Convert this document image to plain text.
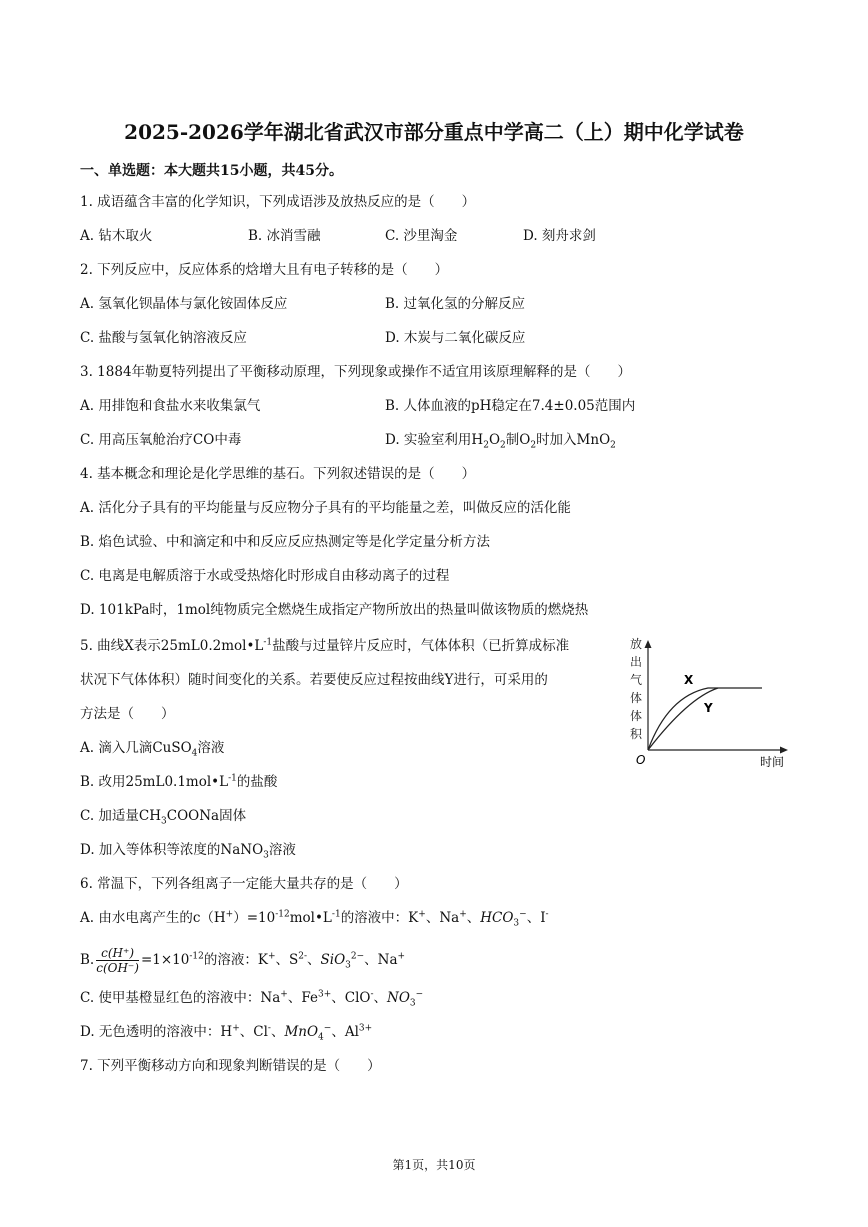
2025-2026学年湖北省武汉市部分重点中学高二（上）期中化学试卷
一、单选题：本大题共15小题，共45分。
1. 成语蕴含丰富的化学知识，下列成语涉及放热反应的是（　　）
A. 钻木取火	B. 冰消雪融	C. 沙里淘金	D. 刻舟求剑
2. 下列反应中，反应体系的焓增大且有电子转移的是（　　）
A. 氢氧化钡晶体与氯化铵固体反应	B. 过氧化氢的分解反应
C. 盐酸与氢氧化钠溶液反应	D. 木炭与二氧化碳反应
3. 1884年勒夏特列提出了平衡移动原理，下列现象或操作不适宜用该原理解释的是（　　）
A. 用排饱和食盐水来收集氯气	B. 人体血液的pH稳定在7.4±0.05范围内
C. 用高压氧舱治疗CO中毒	D. 实验室利用$H_2O_2$制$O_2$时加入MnO$_2$
4. 基本概念和理论是化学思维的基石。下列叙述错误的是（　　）
A. 活化分子具有的平均能量与反应物分子具有的平均能量之差，叫做反应的活化能
B. 焰色试验、中和滴定和中和反应反应热测定等是化学定量分析方法
C. 电离是电解质溶于水或受热熔化时形成自由移动离子的过程
D. 101kPa时，1mol纯物质完全燃烧生成指定产物所放出的热量叫做该物质的燃烧热
5. 曲线X表示$25mL0.2mol•L^{-1}$盐酸与过量锌片反应时，气体体积（已折算成标准
状况下气体体积）随时间变化的关系。若要使反应过程按曲线Y进行，可采用的
方法是（　　）
A. 滴入几滴CuSO$_4$溶液
B. 改用$25mL0.1mol•L^{-1}$的盐酸
C. 加适量$CH_3COONa$固体
D. 加入等体积等浓度的NaNO$_3$溶液
放
出
气
体
体
积
O	时间
X
Y
6. 常温下，下列各组离子一定能大量共存的是（　　）
A. 由水电离产生的$c(H^+)=10^{-12}mol•L^{-1}$的溶液中：K+、Na+、$HCO_3^-$、I-
B. $\frac{c(H^+)}{c(OH^-)} =1\times 10^{-12}$的溶液：K+、$S^{2-}$、SiO$_3^{2-}$、Na+
C. 使甲基橙显红色的溶液中：Na+、$Fe^{3+}$、ClO-、$NO_3^-$
D. 无色透明的溶液中：H+、Cl-、MnO$_4$−、$Al^{3+}$
7. 下列平衡移动方向和现象判断错误的是（　　）
第1页，共10页
